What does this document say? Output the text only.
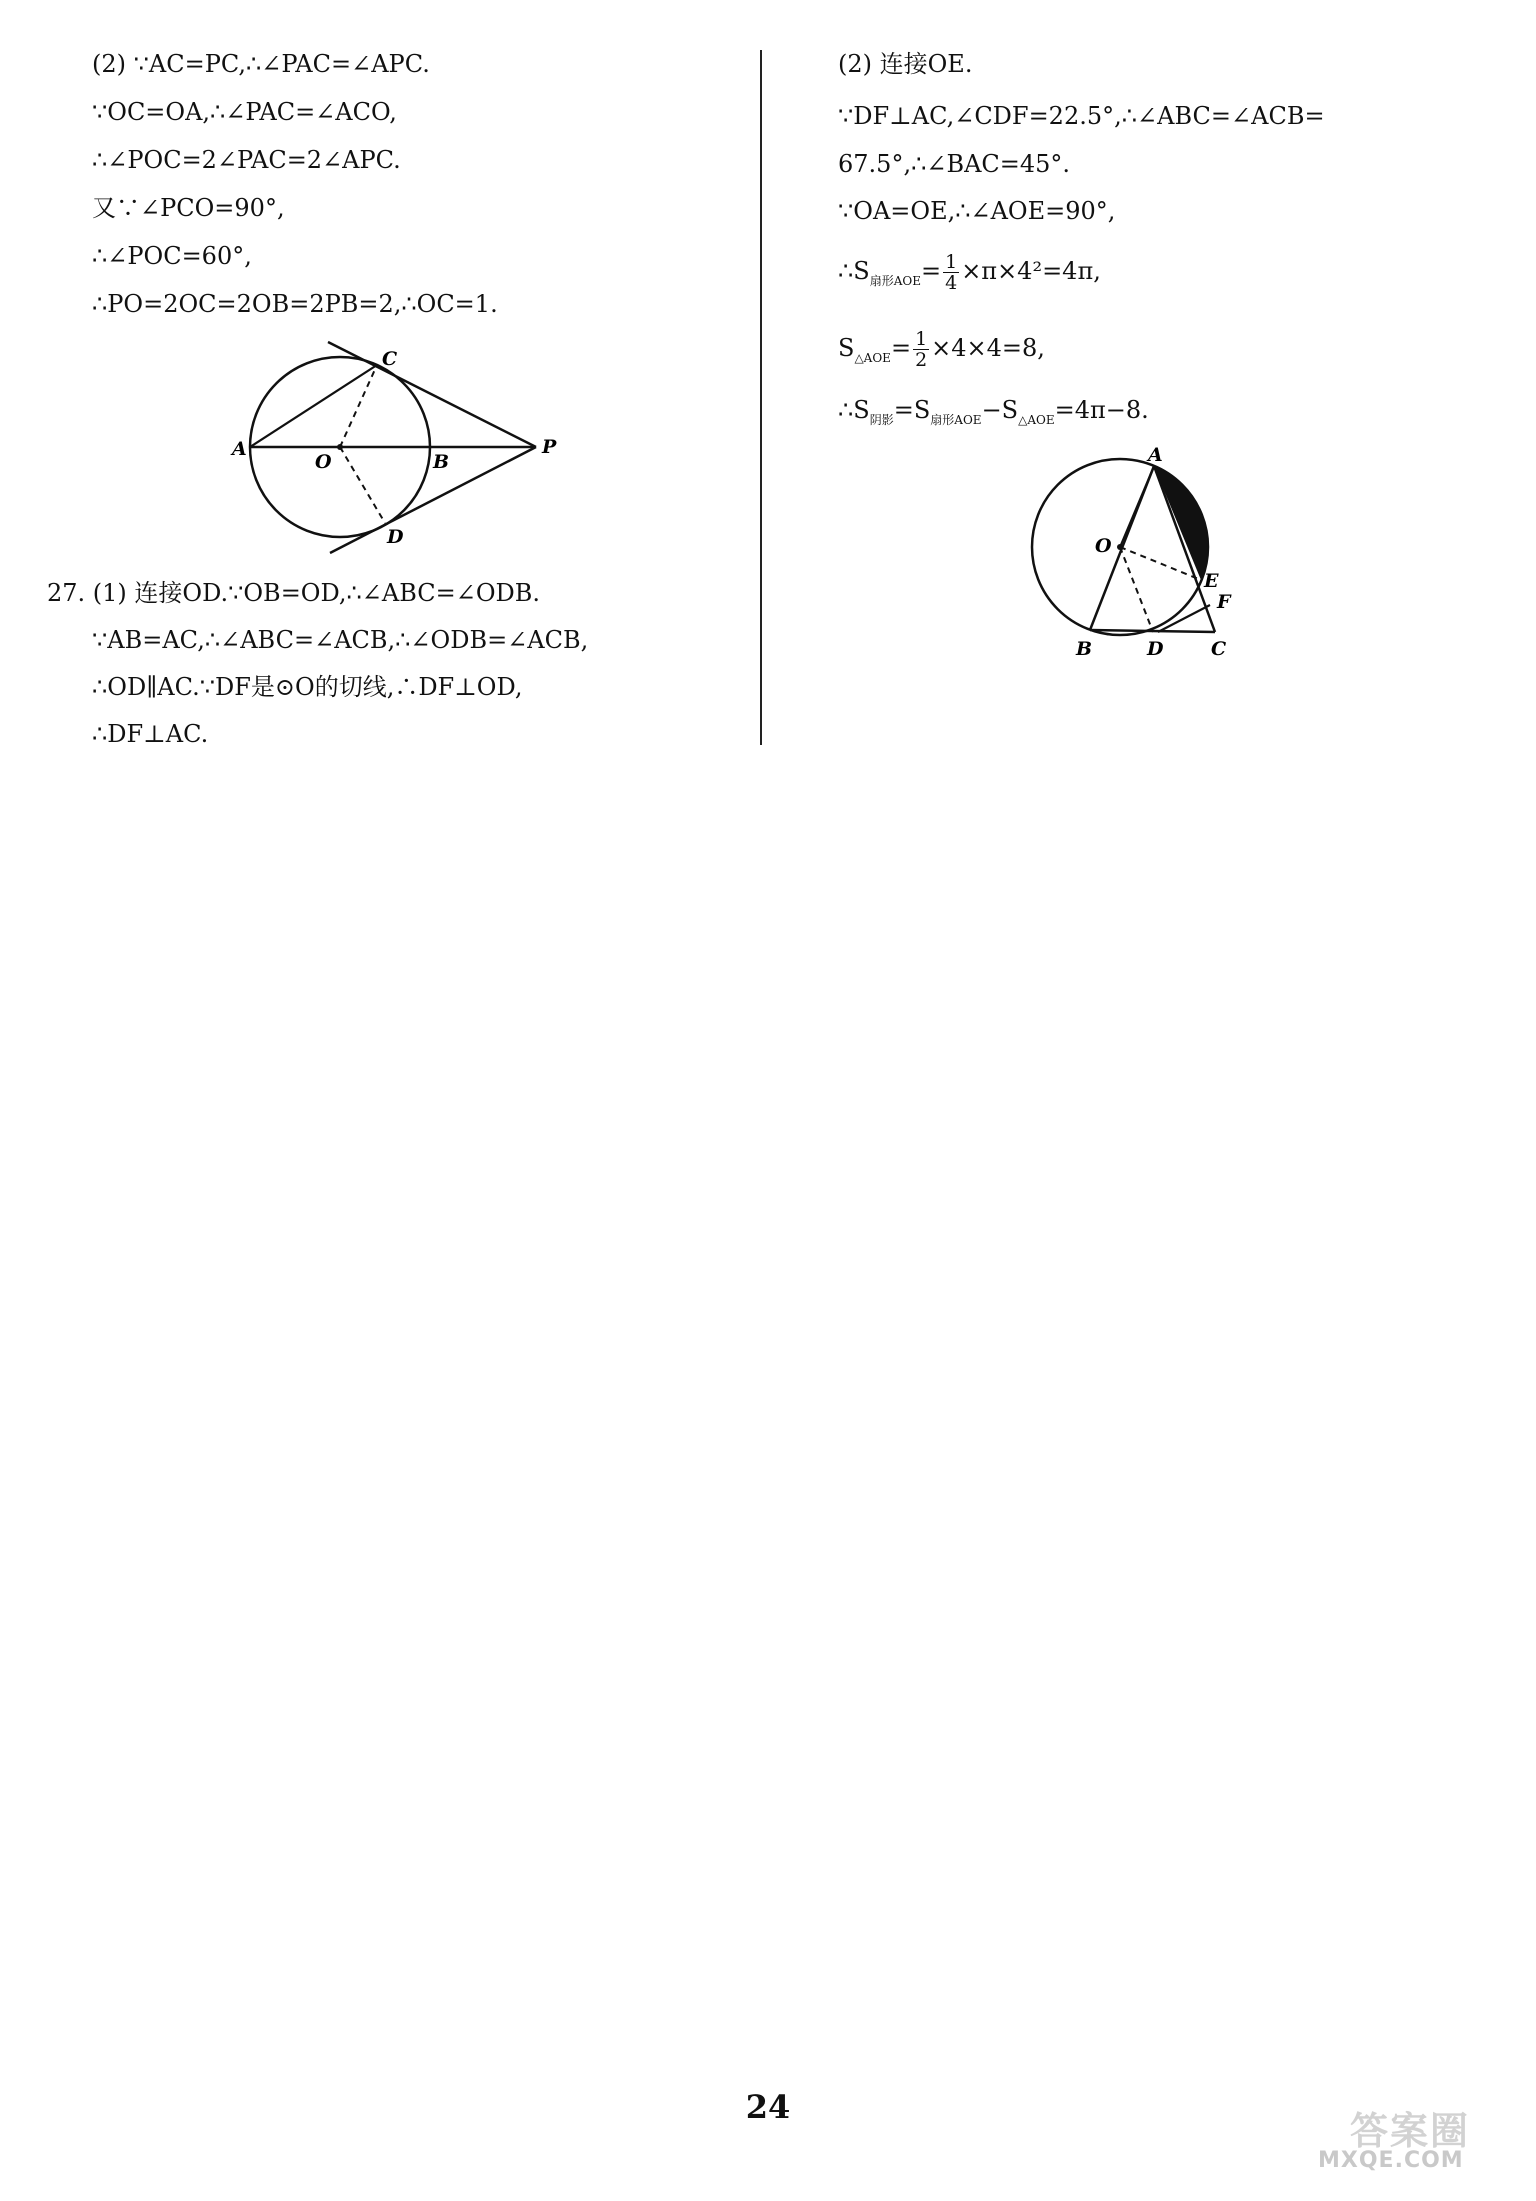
(2) ∵AC=PC,∴∠PAC=∠APC.
∵OC=OA,∴∠PAC=∠ACO,
∴∠POC=2∠PAC=2∠APC.
又∵∠PCO=90°,
∴∠POC=60°,
∴PO=2OC=2OB=2PB=2,∴OC=1.
A
O	B
P
C
D
27. (1) 连接OD.∵OB=OD,∴∠ABC=∠ODB.
∵AB=AC,∴∠ABC=∠ACB,∴∠ODB=∠ACB,
∴OD∥AC.∵DF是⊙O的切线,∴DF⊥OD,
∴DF⊥AC.
(2) 连接OE.
∵DF⊥AC,∠CDF=22.5°,∴∠ABC=∠ACB=
67.5°,∴∠BAC=45°.
∵OA=OE,∴∠AOE=90°,
$\therefore S_{扇形AOE}= \frac{1}{4} \times\pi\times 4^2=4\pi$,
$S_{\triangle AOE}= \frac{1}{2} \times 4\times 4=8$,
$\therefore S_{阴影}=S_{扇形AOE}-S_{\triangle AOE}=4\pi-8$.
A
O
E
F
B	D	C
24
答案圈
MXQE.COM
